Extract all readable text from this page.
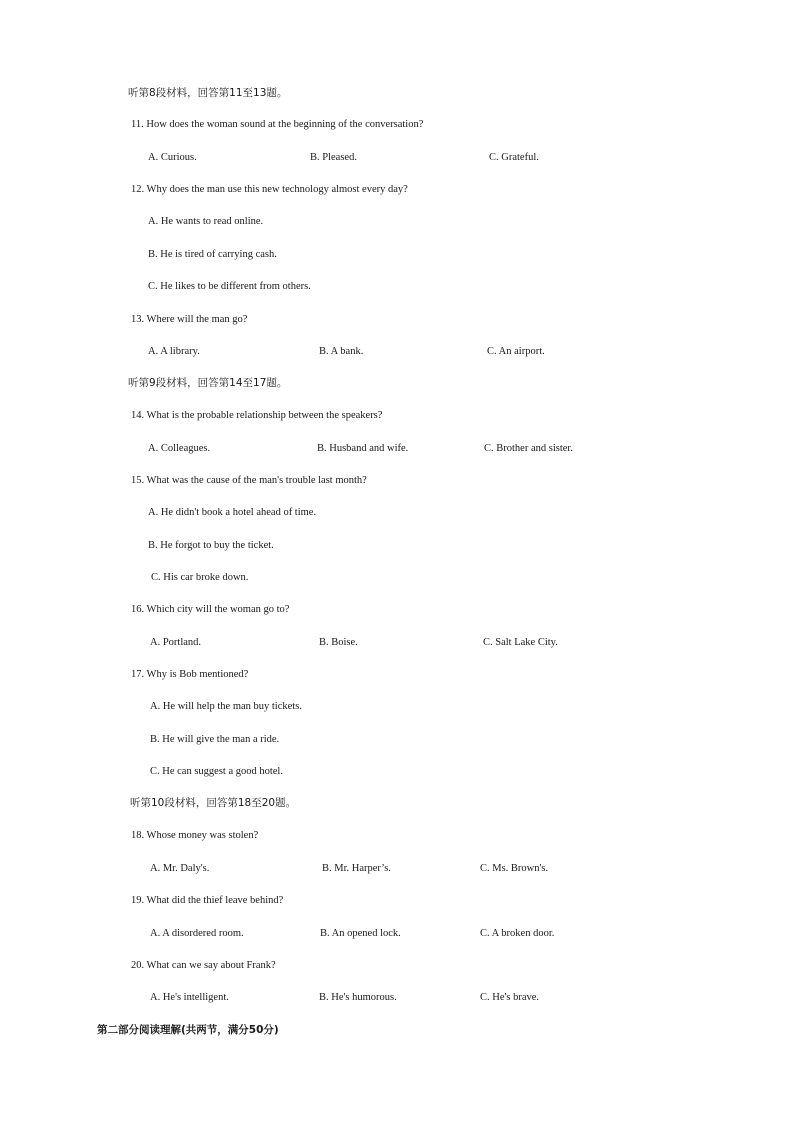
听第8段材料，回答第11至13题。
11. How does the woman sound at the beginning of the conversation?
A. Curious.	B. Pleased.	C. Grateful.
12. Why does the man use this new technology almost every day?
A. He wants to read online.
B. He is tired of carrying cash.
C. He likes to be different from others.
13. Where will the man go?
A. A library.	B. A bank.	C. An airport.
听第9段材料，回答第14至17题。
14. What is the probable relationship between the speakers?
A. Colleagues.	B. Husband and wife.	C. Brother and sister.
15. What was the cause of the man's trouble last month?
A. He didn't book a hotel ahead of time.
B. He forgot to buy the ticket.
C. His car broke down.
16. Which city will the woman go to?
A. Portland.	B. Boise.	C. Salt Lake City.
17. Why is Bob mentioned?
A. He will help the man buy tickets.
B. He will give the man a ride.
C. He can suggest a good hotel.
听第10段材料，回答第18至20题。
18. Whose money was stolen?
A. Mr. Daly's.	B. Mr. Harper’s.	C. Ms. Brown's.
19. What did the thief leave behind?
A. A disordered room.	B. An opened lock.	C. A broken door.
20. What can we say about Frank?
A. He's intelligent.	B. He's humorous.	C. He's brave.
第二部分阅读理解(共两节，满分50分)
